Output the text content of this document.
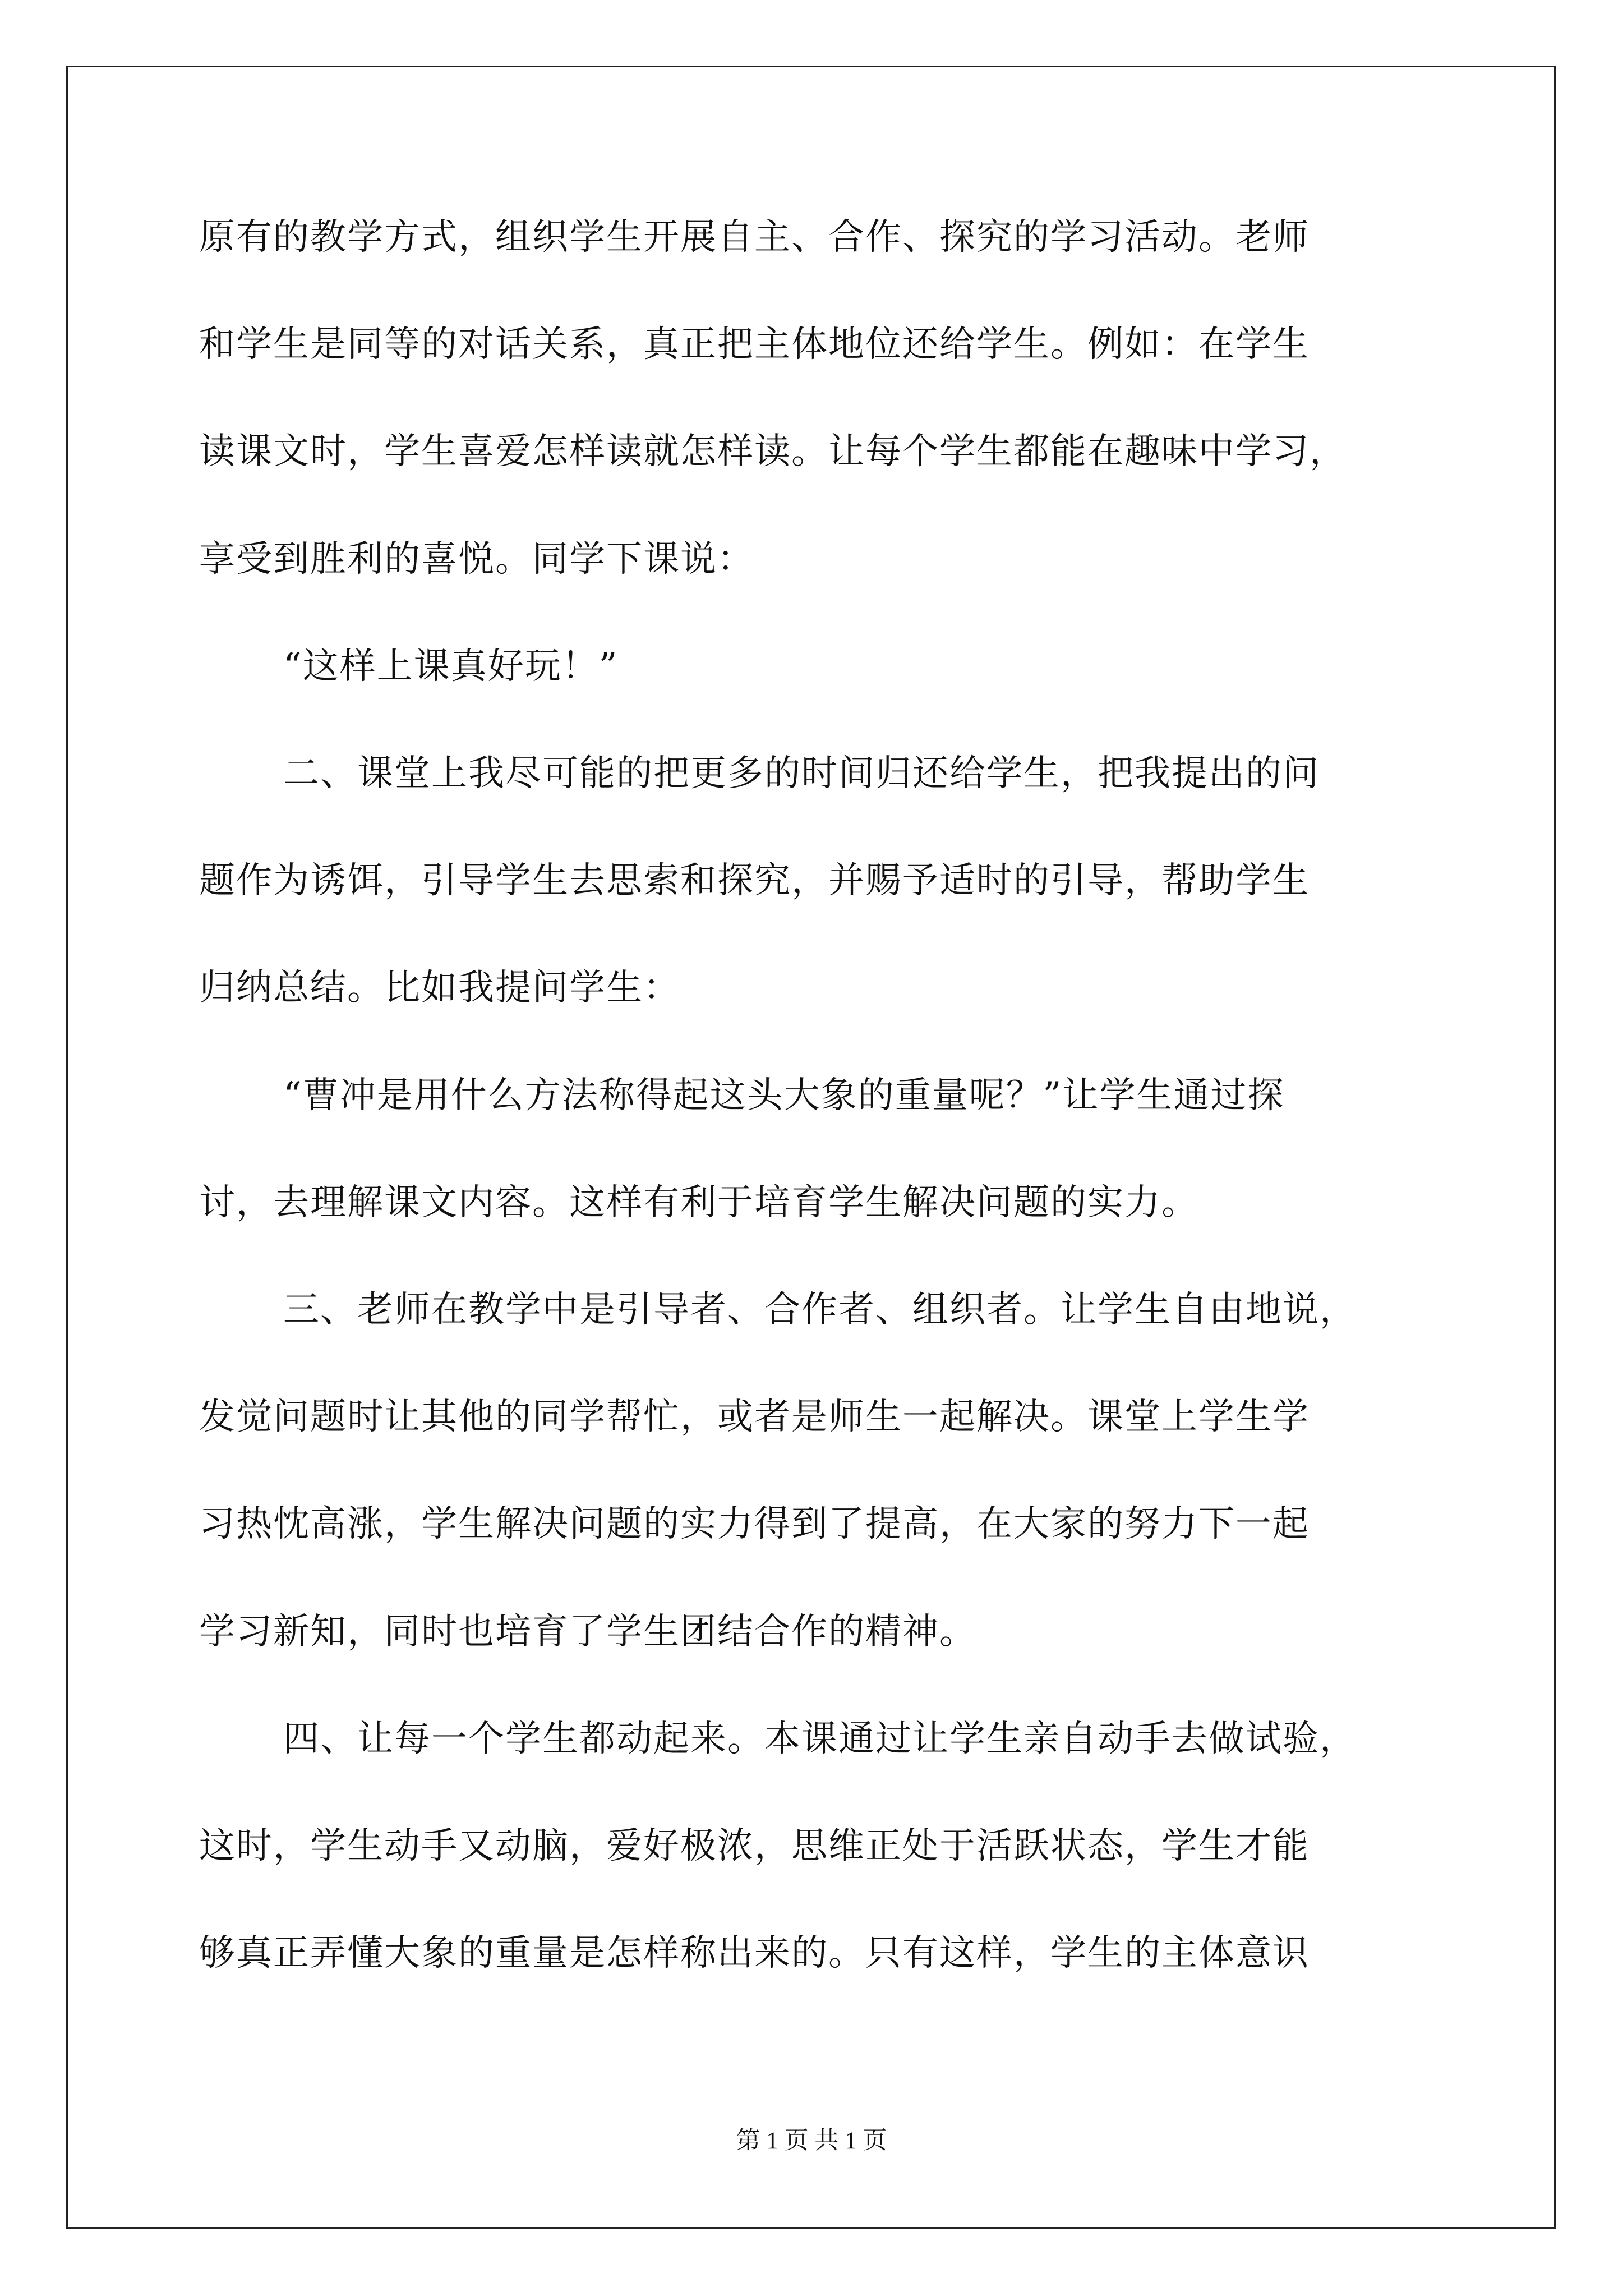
原有的教学方式，组织学生开展自主、合作、探究的学习活动。老师
和学生是同等的对话关系，真正把主体地位还给学生。例如：在学生
读课文时，学生喜爱怎样读就怎样读。让每个学生都能在趣味中学习，
享受到胜利的喜悦。同学下课说：
“这样上课真好玩！”
二、课堂上我尽可能的把更多的时间归还给学生，把我提出的问
题作为诱饵，引导学生去思索和探究，并赐予适时的引导，帮助学生
归纳总结。比如我提问学生：
“曹冲是用什么方法称得起这头大象的重量呢？”让学生通过探
讨，去理解课文内容。这样有利于培育学生解决问题的实力。
三、老师在教学中是引导者、合作者、组织者。让学生自由地说，
发觉问题时让其他的同学帮忙，或者是师生一起解决。课堂上学生学
习热忱高涨，学生解决问题的实力得到了提高，在大家的努力下一起
学习新知，同时也培育了学生团结合作的精神。
四、让每一个学生都动起来。本课通过让学生亲自动手去做试验，
这时，学生动手又动脑，爱好极浓，思维正处于活跃状态，学生才能
够真正弄懂大象的重量是怎样称出来的。只有这样，学生的主体意识
第 1 页 共 1 页
